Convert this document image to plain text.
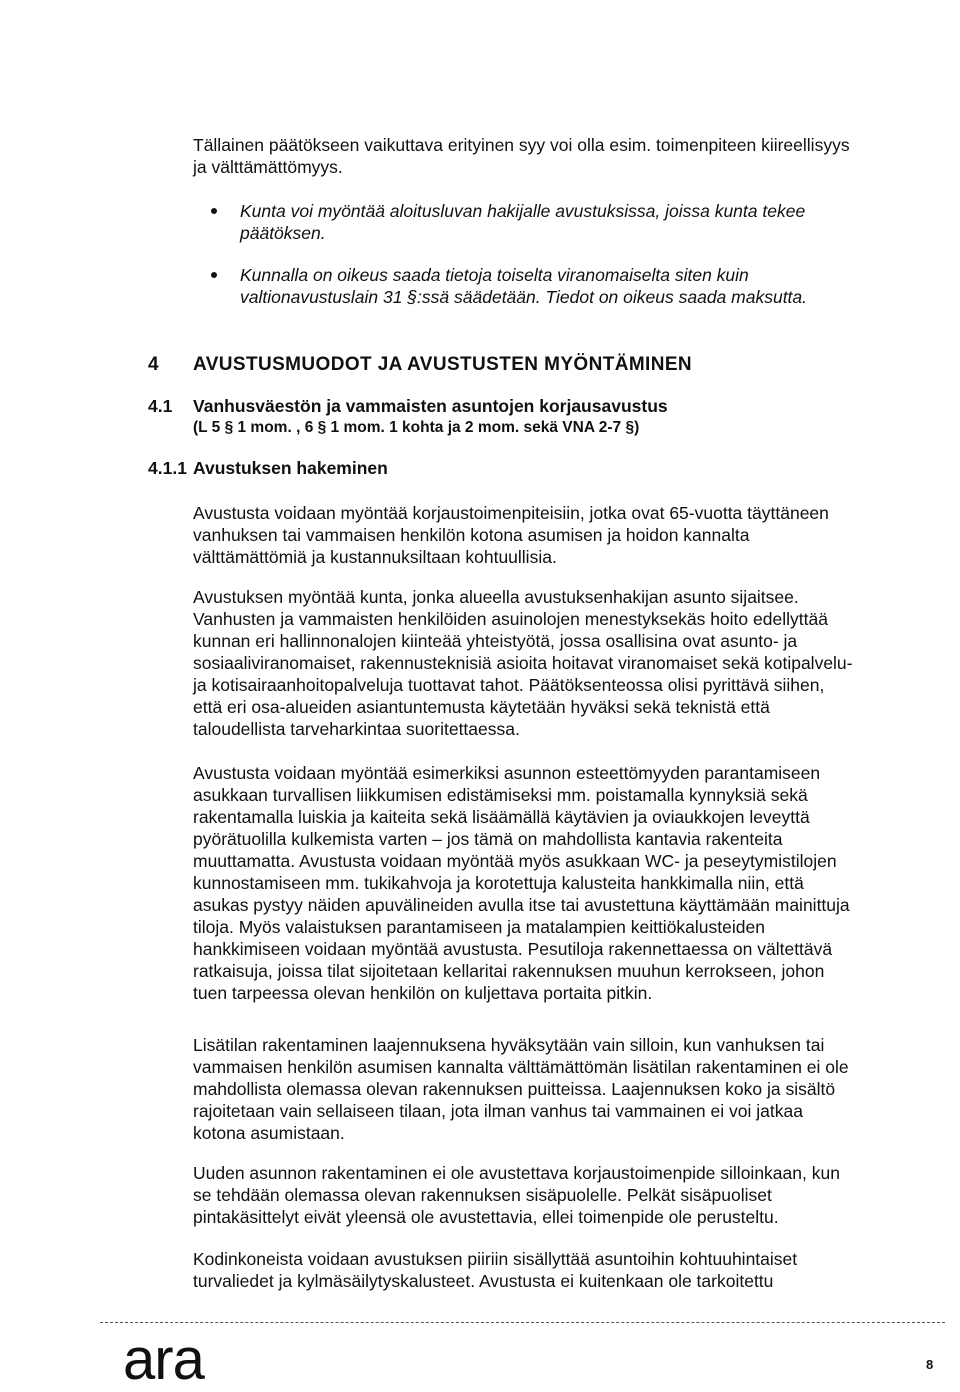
Tällainen päätökseen vaikuttava erityinen syy voi olla esim. toimenpiteen kiireellisyys ja välttämättömyys.

Kunta voi myöntää aloitusluvan hakijalle avustuksissa, joissa kunta tekee päätöksen.
Kunnalla on oikeus saada tietoja toiselta viranomaiselta siten kuin valtionavustuslain 31 §:ssä säädetään. Tiedot on oikeus saada maksutta.
4 AVUSTUSMUODOT JA AVUSTUSTEN MYÖNTÄMINEN
4.1 Vanhusväestön ja vammaisten asuntojen korjausavustus
(L 5 § 1 mom. , 6 § 1 mom. 1 kohta ja 2 mom. sekä VNA 2-7 §)
4.1.1 Avustuksen hakeminen

Avustusta voidaan myöntää korjaustoimenpiteisiin, jotka ovat 65-vuotta täyttäneen vanhuksen tai vammaisen henkilön kotona asumisen ja hoidon kannalta välttämättömiä ja kustannuksiltaan kohtuullisia.

Avustuksen myöntää kunta, jonka alueella avustuksenhakijan asunto sijaitsee. Vanhusten ja vammaisten henkilöiden asuinolojen menestyksekäs hoito edellyttää kunnan eri hallinnonalojen kiinteää yhteistyötä, jossa osallisina ovat asunto- ja sosiaaliviranomaiset, rakennusteknisiä asioita hoitavat viranomaiset sekä kotipalvelu- ja kotisairaanhoitopalveluja tuottavat tahot. Päätöksenteossa olisi pyrittävä siihen, että eri osa-alueiden asiantuntemusta käytetään hyväksi sekä teknistä että taloudellista tarveharkintaa suoritettaessa.

Avustusta voidaan myöntää esimerkiksi asunnon esteettömyyden parantamiseen asukkaan turvallisen liikkumisen edistämiseksi mm. poistamalla kynnyksiä sekä rakentamalla luiskia ja kaiteita sekä lisäämällä käytävien ja oviaukkojen leveyttä pyörätuolilla kulkemista varten – jos tämä on mahdollista kantavia rakenteita muuttamatta. Avustusta voidaan myöntää myös asukkaan WC- ja peseytymistilojen kunnostamiseen mm. tukikahvoja ja korotettuja kalusteita hankkimalla niin, että asukas pystyy näiden apuvälineiden avulla itse tai avustettuna käyttämään mainittuja tiloja. Myös valaistuksen parantamiseen ja matalampien keittiökalusteiden hankkimiseen voidaan myöntää avustusta. Pesutiloja rakennettaessa on vältettävä ratkaisuja, joissa tilat sijoitetaan kellaritai rakennuksen muuhun kerrokseen, johon tuen tarpeessa olevan henkilön on kuljettava portaita pitkin.

Lisätilan rakentaminen laajennuksena hyväksytään vain silloin, kun vanhuksen tai vammaisen henkilön asumisen kannalta välttämättömän lisätilan rakentaminen ei ole mahdollista olemassa olevan rakennuksen puitteissa. Laajennuksen koko ja sisältö rajoitetaan vain sellaiseen tilaan, jota ilman vanhus tai vammainen ei voi jatkaa kotona asumistaan.

Uuden asunnon rakentaminen ei ole avustettava korjaustoimenpide silloinkaan, kun se tehdään olemassa olevan rakennuksen sisäpuolelle. Pelkät sisäpuoliset pintakäsittelyt eivät yleensä ole avustettavia, ellei toimenpide ole perusteltu.

Kodinkoneista voidaan avustuksen piiriin sisällyttää asuntoihin kohtuuhintaiset turvaliedet ja kylmäsäilytyskalusteet. Avustusta ei kuitenkaan ole tarkoitettu

ara	8
